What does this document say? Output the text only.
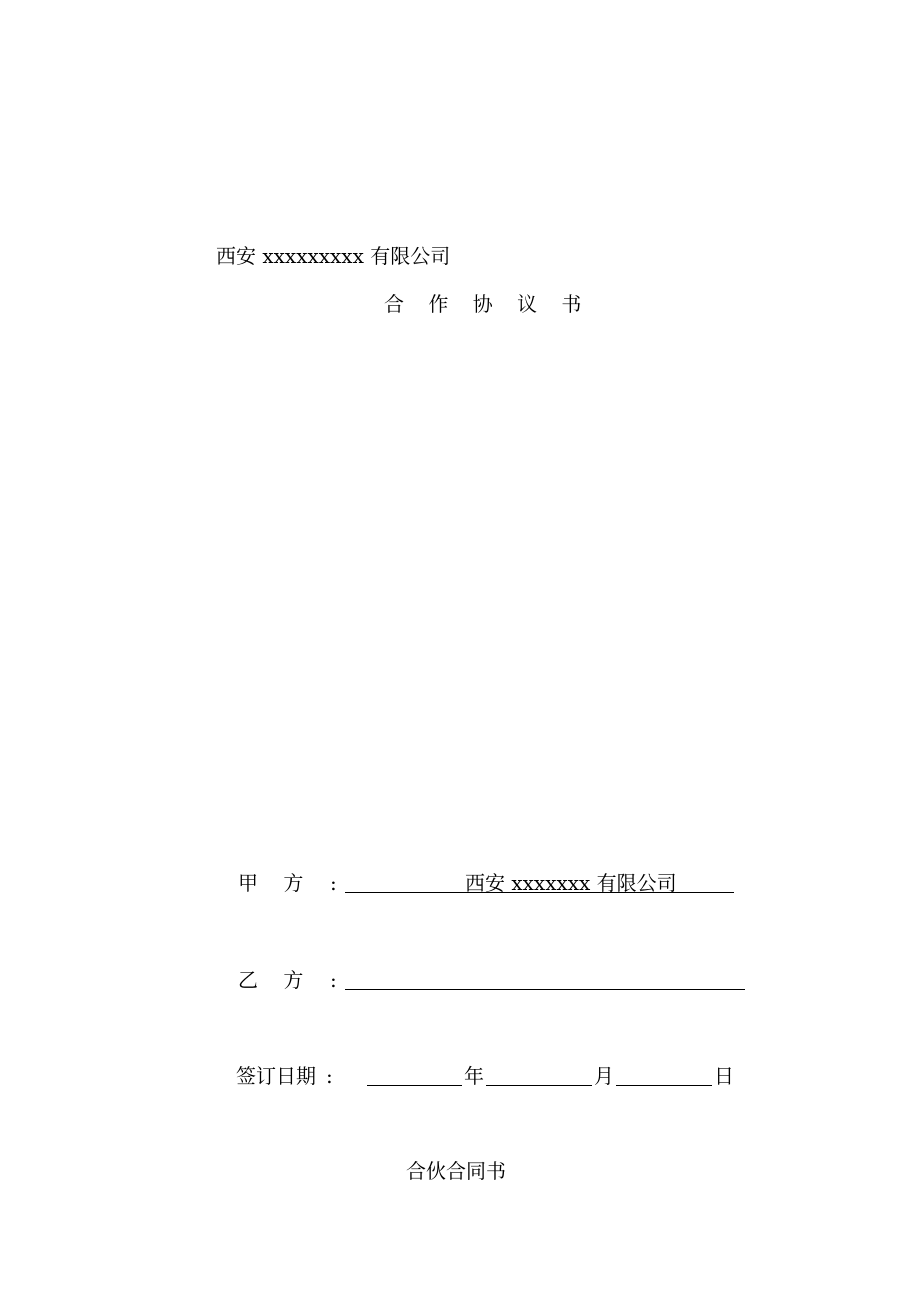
西安 xxxxxxxxx 有限公司
合 作 协 议 书
甲    方 :	西安 xxxxxxx 有限公司
乙    方 :
签订日期 :	年	月	日
合伙合同书
